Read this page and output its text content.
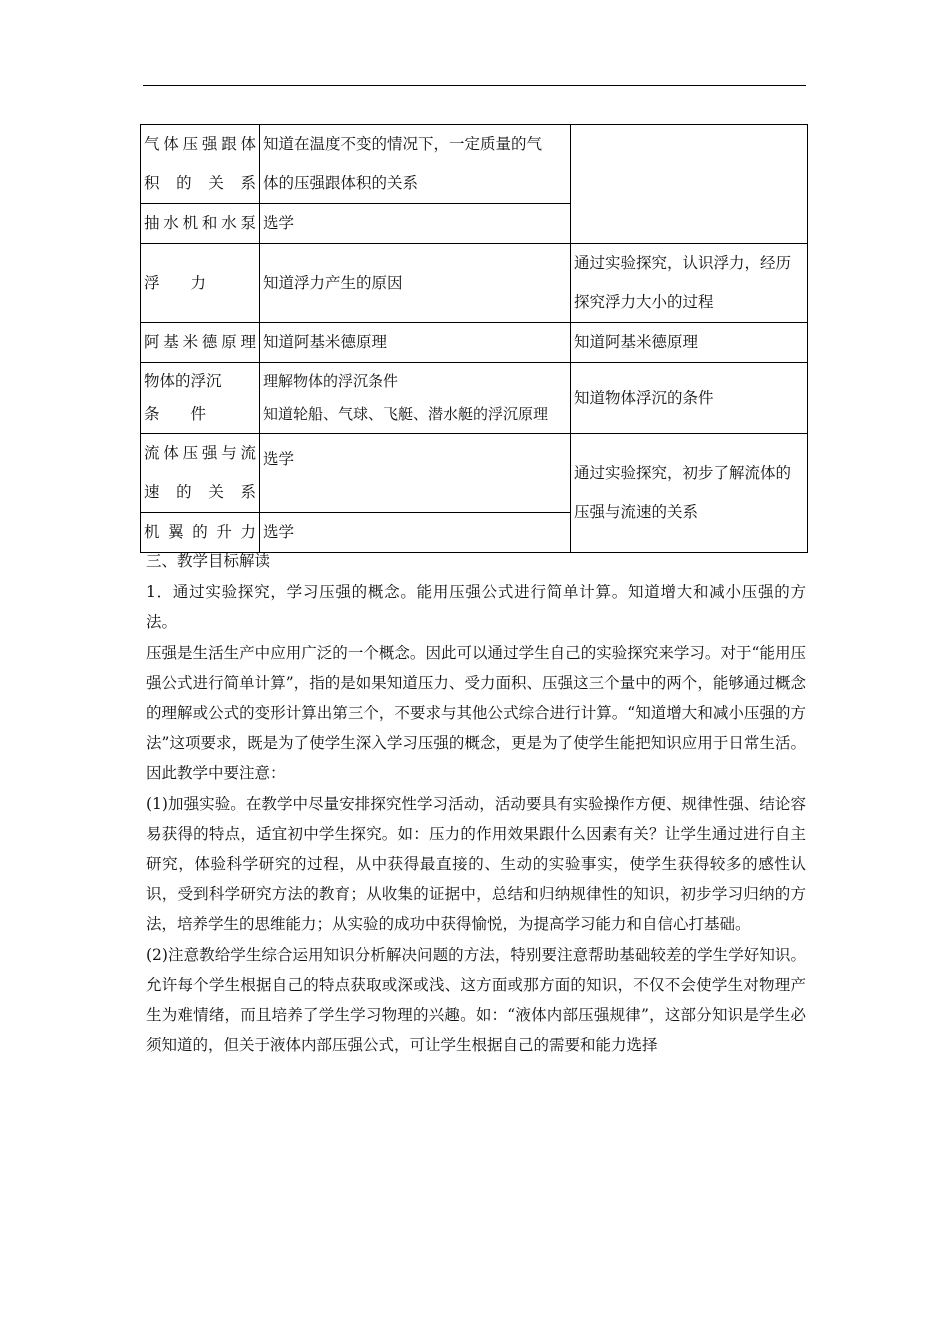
气体压强跟体
积 的 关 系	知道在温度不变的情况下，一定质量的气
体的压强跟体积的关系	

抽水机和水泵	选学	

浮　　力	知道浮力产生的原因	通过实验探究，认识浮力，经历
探究浮力大小的过程

阿基米德原理	知道阿基米德原理	知道阿基米德原理

物体的浮沉
条　　件	理解物体的浮沉条件
知道轮船、气球、飞艇、潜水艇的浮沉原理	知道物体浮沉的条件

流体压强与流
速 的 关 系	选学	通过实验探究，初步了解流体的
压强与流速的关系

机翼的升力	选学	

三、教学目标解读

1．通过实验探究，学习压强的概念。能用压强公式进行简单计算。知道增大和减小压强的方法。

压强是生活生产中应用广泛的一个概念。因此可以通过学生自己的实验探究来学习。对于“能用压强公式进行简单计算”，指的是如果知道压力、受力面积、压强这三个量中的两个，能够通过概念的理解或公式的变形计算出第三个，不要求与其他公式综合进行计算。“知道增大和减小压强的方法”这项要求，既是为了使学生深入学习压强的概念，更是为了使学生能把知识应用于日常生活。因此教学中要注意：

(1)加强实验。在教学中尽量安排探究性学习活动，活动要具有实验操作方便、规律性强、结论容易获得的特点，适宜初中学生探究。如：压力的作用效果跟什么因素有关？让学生通过进行自主研究，体验科学研究的过程，从中获得最直接的、生动的实验事实，使学生获得较多的感性认识，受到科学研究方法的教育；从收集的证据中，总结和归纳规律性的知识，初步学习归纳的方法，培养学生的思维能力；从实验的成功中获得愉悦，为提高学习能力和自信心打基础。

(2)注意教给学生综合运用知识分析解决问题的方法，特别要注意帮助基础较差的学生学好知识。允许每个学生根据自己的特点获取或深或浅、这方面或那方面的知识，不仅不会使学生对物理产生为难情绪，而且培养了学生学习物理的兴趣。如：“液体内部压强规律”，这部分知识是学生必须知道的，但关于液体内部压强公式，可让学生根据自己的需要和能力选择
